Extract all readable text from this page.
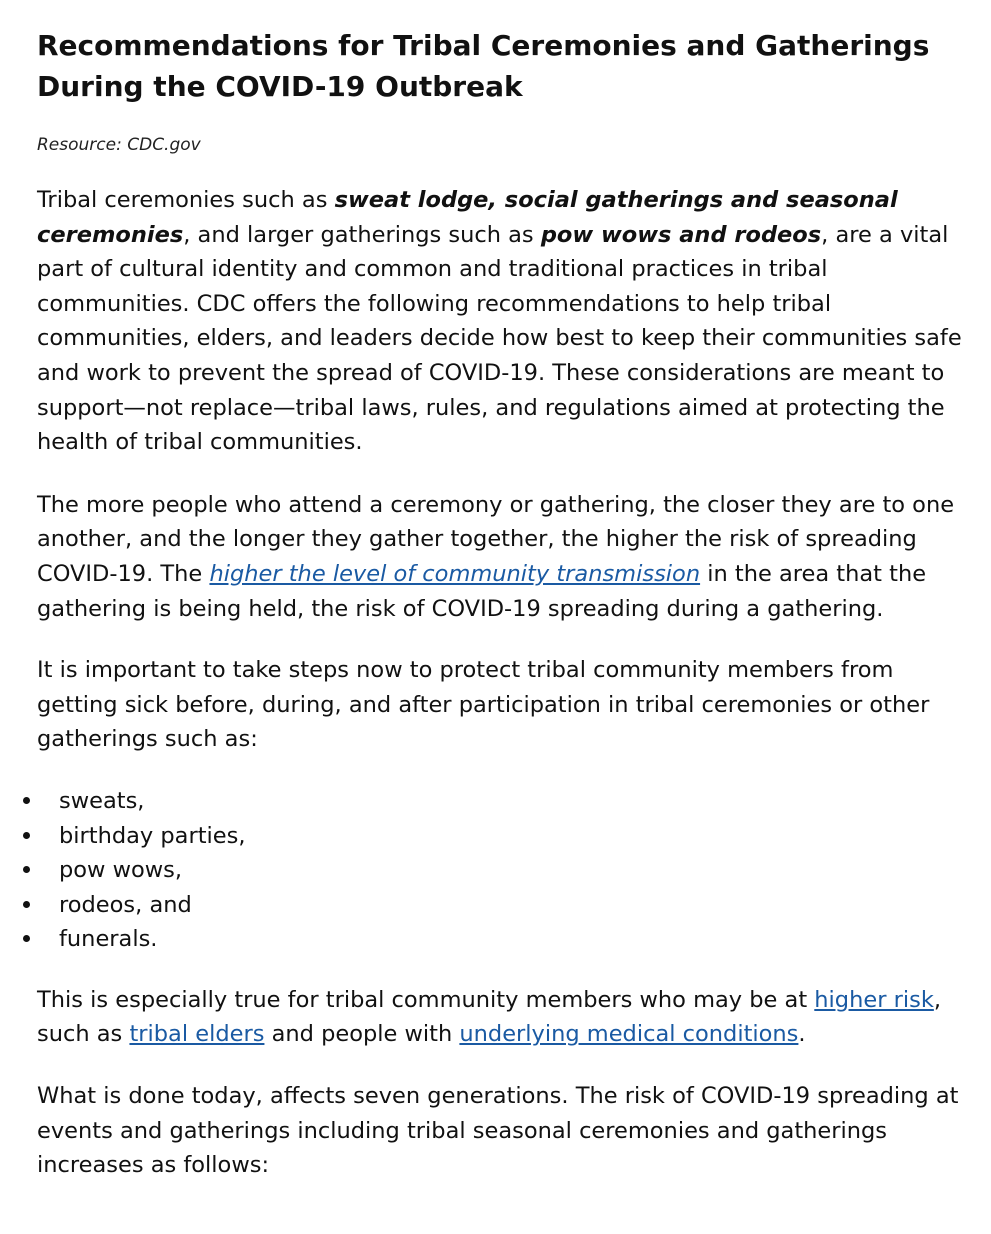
Recommendations for Tribal Ceremonies and Gatherings During the COVID-19 Outbreak
Resource: CDC.gov

Tribal ceremonies such as sweat lodge, social gatherings and seasonal ceremonies, and larger gatherings such as pow wows and rodeos, are a vital part of cultural identity and common and traditional practices in tribal communities. CDC offers the following recommendations to help tribal communities, elders, and leaders decide how best to keep their communities safe and work to prevent the spread of COVID-19. These considerations are meant to support—not replace—tribal laws, rules, and regulations aimed at protecting the health of tribal communities.

The more people who attend a ceremony or gathering, the closer they are to one another, and the longer they gather together, the higher the risk of spreading COVID-19. The higher the level of community transmission in the area that the gathering is being held, the risk of COVID-19 spreading during a gathering.

It is important to take steps now to protect tribal community members from getting sick before, during, and after participation in tribal ceremonies or other gatherings such as:

sweats,
birthday parties,
pow wows,
rodeos, and
funerals.

This is especially true for tribal community members who may be at higher risk, such as tribal elders and people with underlying medical conditions.

What is done today, affects seven generations. The risk of COVID-19 spreading at events and gatherings including tribal seasonal ceremonies and gatherings increases as follows:
